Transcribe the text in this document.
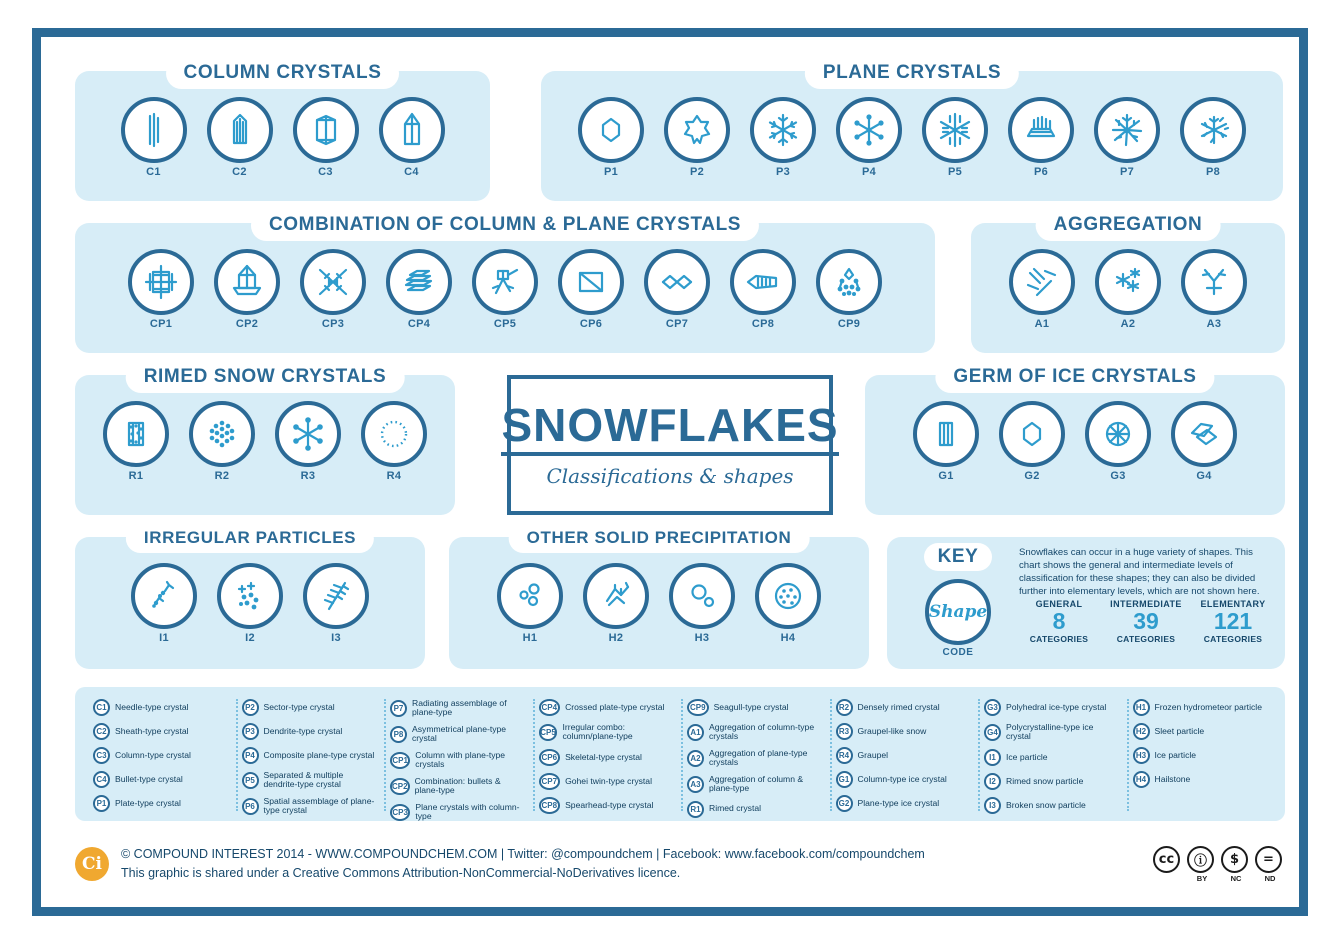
COLUMN CRYSTALS
C1	C2	C3	C4
PLANE CRYSTALS
P1	P2	P3	P4	P5	P6	P7	P8
COMBINATION OF COLUMN & PLANE CRYSTALS
CP1	CP2	CP3	CP4	CP5	CP6	CP7	CP8	CP9
AGGREGATION
A1	A2	A3
RIMED SNOW CRYSTALS
R1	R2	R3	R4
SNOWFLAKES
Classifications & shapes
GERM OF ICE CRYSTALS
G1	G2	G3	G4
IRREGULAR PARTICLES
I1	I2	I3
OTHER SOLID PRECIPITATION
H1	H2	H3	H4
KEY
Shape
CODE
Snowflakes can occur in a huge variety of shapes. This chart shows the general and intermediate levels of classification for these shapes; they can also be divided further into elementary levels, which are not shown here.
GENERAL
8
CATEGORIES
INTERMEDIATE
39
CATEGORIES
ELEMENTARY
121
CATEGORIES
C1 Needle-type crystal
C2 Sheath-type crystal
C3 Column-type crystal
C4 Bullet-type crystal
P1	Plate-type crystal
P2	Sector-type crystal
P3	Dendrite-type crystal
P4	Composite plane-type crystal
P5
Separated & multiple dendrite-type crystal
P6
Spatial assemblage of plane-type crystal
P7
Radiating assemblage of plane-type
P8
Asymmetrical plane-type crystal
CP1
Column with plane-type crystals
CP2
Combination: bullets & plane-type
CP3
Plane crystals with column-type
CP4 Crossed plate-type crystal
CP5
Irregular combo: column/plane-type
CP6 Skeletal-type crystal
CP7 Gohei twin-type crystal
CP8 Spearhead-type crystal
CP9 Seagull-type crystal
A1
Aggregation of column-type crystals
A2
Aggregation of plane-type crystals
A3
Aggregation of column & plane-type
R1 Rimed crystal
R2 Densely rimed crystal
R3 Graupel-like snow
R4 Graupel
G1 Column-type ice crystal
G2 Plane-type ice crystal
G3 Polyhedral ice-type crystal
G4
Polycrystalline-type ice crystal
I1	Ice particle
I2	Rimed snow particle
I3	Broken snow particle
H1 Frozen hydrometeor particle
H2 Sleet particle
H3 Ice particle
H4 Hailstone
Ci	© COMPOUND INTEREST 2014 - WWW.COMPOUNDCHEM.COM | Twitter: @compoundchem | Facebook: www.facebook.com/compoundchem
This graphic is shared under a Creative Commons Attribution-NonCommercial-NoDerivatives licence.
cc	ⓘ
BY
$
NC
=
ND
